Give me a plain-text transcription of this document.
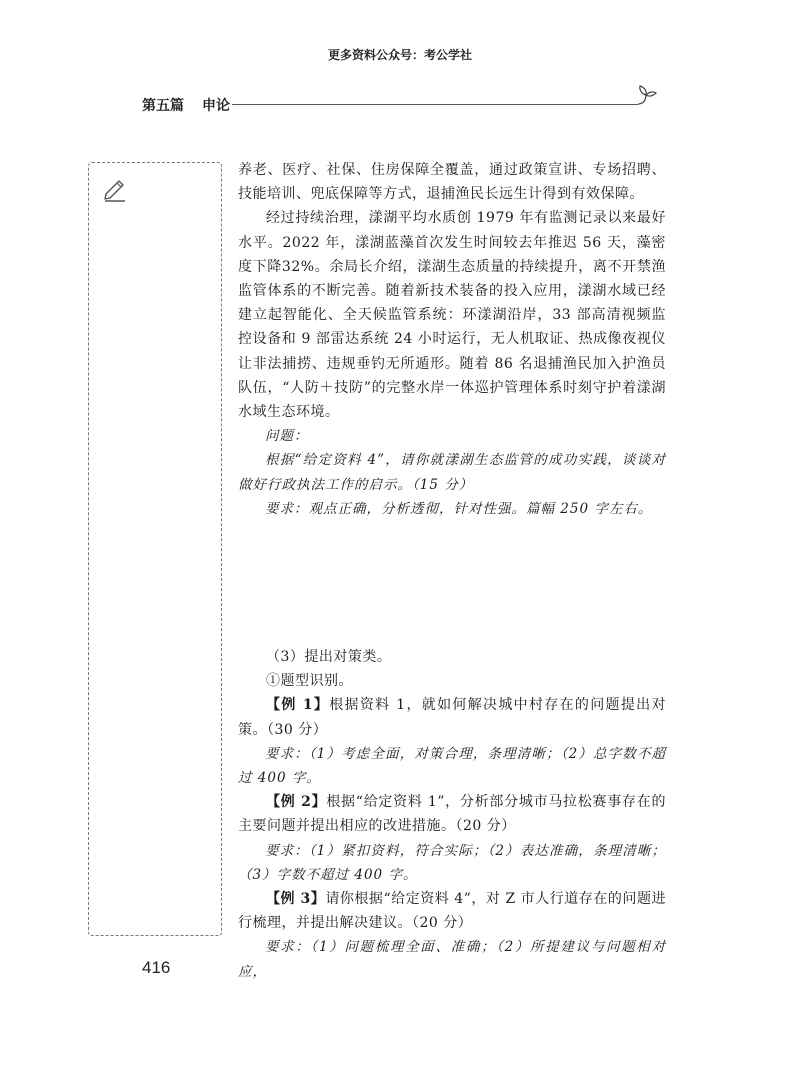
更多资料公众号：考公学社
第五篇 申论

养老、医疗、社保、住房保障全覆盖，通过政策宣讲、专场招聘、技能培训、兜底保障等方式，退捕渔民长远生计得到有效保障。

经过持续治理，漾湖平均水质创 1979 年有监测记录以来最好水平。2022 年，漾湖蓝藻首次发生时间较去年推迟 56 天，藻密度下降32%。余局长介绍，漾湖生态质量的持续提升，离不开禁渔监管体系的不断完善。随着新技术装备的投入应用，漾湖水域已经建立起智能化、全天候监管系统：环漾湖沿岸，33 部高清视频监控设备和 9 部雷达系统 24 小时运行，无人机取证、热成像夜视仪让非法捕捞、违规垂钓无所遁形。随着 86 名退捕渔民加入护渔员队伍，“人防＋技防”的完整水岸一体巡护管理体系时刻守护着漾湖水域生态环境。

问题：

根据“给定资料 4”，请你就漾湖生态监管的成功实践，谈谈对做好行政执法工作的启示。（15 分）

要求：观点正确，分析透彻，针对性强。篇幅 250 字左右。

（3）提出对策类。

①题型识别。

【例 1】根据资料 1，就如何解决城中村存在的问题提出对策。（30 分）

要求：（1）考虑全面，对策合理，条理清晰；（2）总字数不超过 400 字。

【例 2】根据“给定资料 1”，分析部分城市马拉松赛事存在的主要问题并提出相应的改进措施。（20 分）

要求：（1）紧扣资料，符合实际；（2）表达准确，条理清晰；（3）字数不超过 400 字。

【例 3】请你根据“给定资料 4”，对 Z 市人行道存在的问题进行梳理，并提出解决建议。（20 分）

要求：（1）问题梳理全面、准确；（2）所提建议与问题相对应，

416
